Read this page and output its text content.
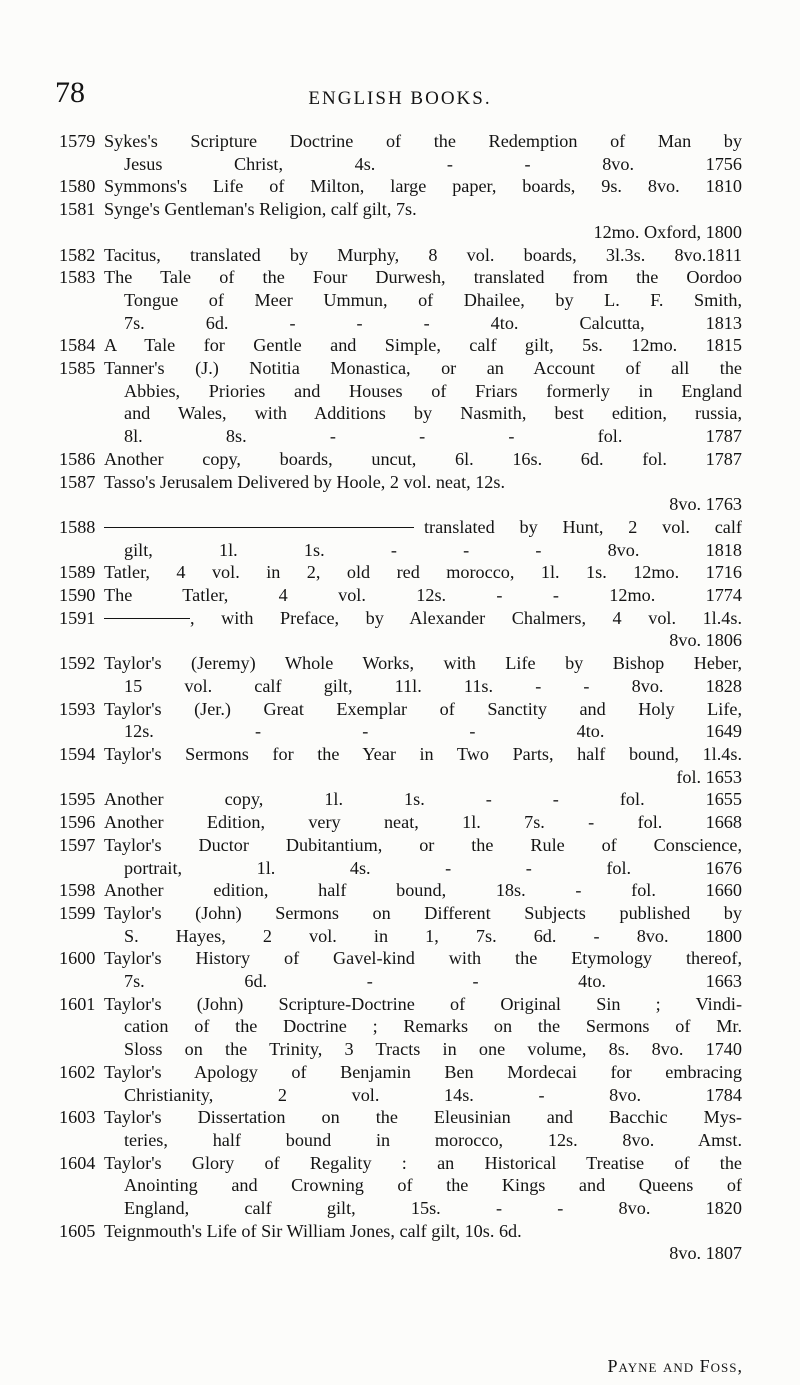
78	ENGLISH BOOKS.
1579 Sykes's Scripture Doctrine of the Redemption of Man by
Jesus Christ, 4s. - - 8vo. 1756
1580 Symmons's Life of Milton, large paper, boards, 9s. 8vo. 1810
1581 Synge's Gentleman's Religion, calf gilt, 7s.
12mo. Oxford, 1800
1582 Tacitus, translated by Murphy, 8 vol. boards, 3l.3s. 8vo.1811
1583 The Tale of the Four Durwesh, translated from the Oordoo
Tongue of Meer Ummun, of Dhailee, by L. F. Smith,
7s. 6d. - - - 4to. Calcutta, 1813
1584 A Tale for Gentle and Simple, calf gilt, 5s. 12mo. 1815
1585 Tanner's (J.) Notitia Monastica, or an Account of all the
Abbies, Priories and Houses of Friars formerly in England
and Wales, with Additions by Nasmith, best edition, russia,
8l. 8s. - - - fol. 1787
1586 Another copy, boards, uncut, 6l. 16s. 6d. fol. 1787
1587 Tasso's Jerusalem Delivered by Hoole, 2 vol. neat, 12s.
8vo. 1763
1588	translated by Hunt, 2 vol. calf
gilt, 1l. 1s. - - - 8vo. 1818
1589 Tatler, 4 vol. in 2, old red morocco, 1l. 1s. 12mo. 1716
1590 The Tatler, 4 vol. 12s. - - 12mo. 1774
1591	, with Preface, by Alexander Chalmers, 4 vol. 1l.4s.
8vo. 1806
1592 Taylor's (Jeremy) Whole Works, with Life by Bishop Heber,
15 vol. calf gilt, 11l. 11s. - - 8vo. 1828
1593 Taylor's (Jer.) Great Exemplar of Sanctity and Holy Life,
12s. - - - 4to. 1649
1594 Taylor's Sermons for the Year in Two Parts, half bound, 1l.4s.
fol. 1653
1595 Another copy, 1l. 1s. - - fol. 1655
1596 Another Edition, very neat, 1l. 7s. - fol. 1668
1597 Taylor's Ductor Dubitantium, or the Rule of Conscience,
portrait, 1l. 4s. - - fol. 1676
1598 Another edition, half bound, 18s. - fol. 1660
1599 Taylor's (John) Sermons on Different Subjects published by
S. Hayes, 2 vol. in 1, 7s. 6d. - 8vo. 1800
1600 Taylor's History of Gavel-kind with the Etymology thereof,
7s. 6d. - - 4to. 1663
1601 Taylor's (John) Scripture-Doctrine of Original Sin ; Vindi-
cation of the Doctrine ; Remarks on the Sermons of Mr.
Sloss on the Trinity, 3 Tracts in one volume, 8s. 8vo. 1740
1602 Taylor's Apology of Benjamin Ben Mordecai for embracing
Christianity, 2 vol. 14s. - 8vo. 1784
1603 Taylor's Dissertation on the Eleusinian and Bacchic Mys-
teries, half bound in morocco, 12s. 8vo. Amst.
1604 Taylor's Glory of Regality : an Historical Treatise of the
Anointing and Crowning of the Kings and Queens of
England, calf gilt, 15s. - - 8vo. 1820
1605 Teignmouth's Life of Sir William Jones, calf gilt, 10s. 6d.
8vo. 1807
Payne and Foss,
